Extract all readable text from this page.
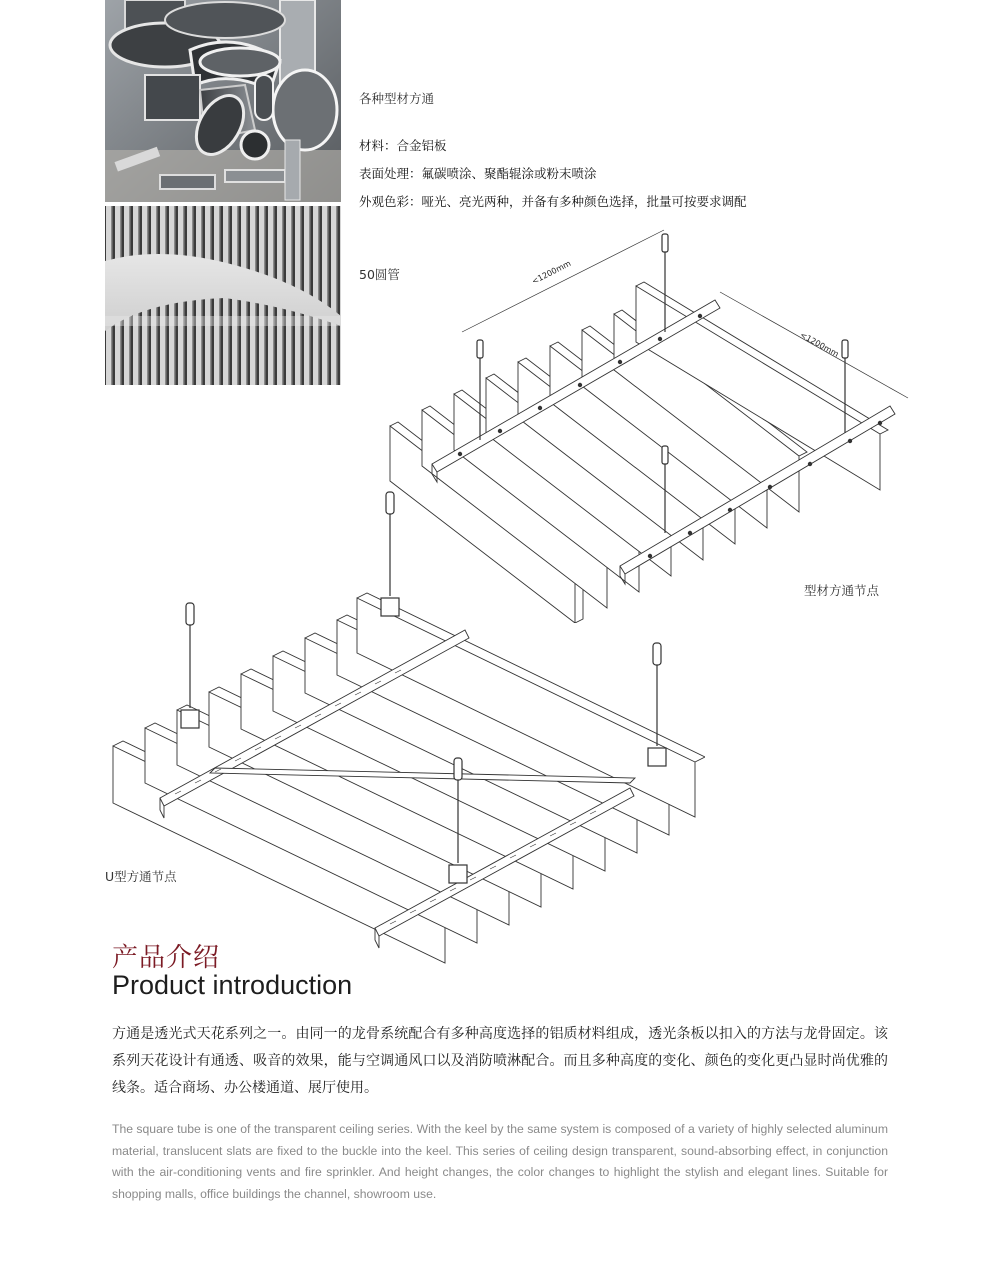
各种型材方通
材料：合金铝板
表面处理：氟碳喷涂、聚酯辊涂或粉末喷涂
外观色彩：哑光、亮光两种，并备有多种颜色选择，批量可按要求调配
50圆管	<1200mm
<1200mm
型材方通节点
U型方通节点
产品介绍
Product introduction
方通是透光式天花系列之一。由同一的龙骨系统配合有多种高度选择的铝质材料组成，透光条板以扣入的方法与龙骨固定。该系列天花设计有通透、吸音的效果，能与空调通风口以及消防喷淋配合。而且多种高度的变化、颜色的变化更凸显时尚优雅的线条。适合商场、办公楼通道、展厅使用。
The square tube is one of the transparent ceiling series. With the keel by the same system is composed of a variety of highly selected aluminum material, translucent slats are fixed to the buckle into the keel. This series of ceiling design transparent, sound-absorbing effect, in conjunction with the air-conditioning vents and fire sprinkler. And height changes, the color changes to highlight the stylish and elegant lines. Suitable for shopping malls, office buildings the channel, showroom use.
